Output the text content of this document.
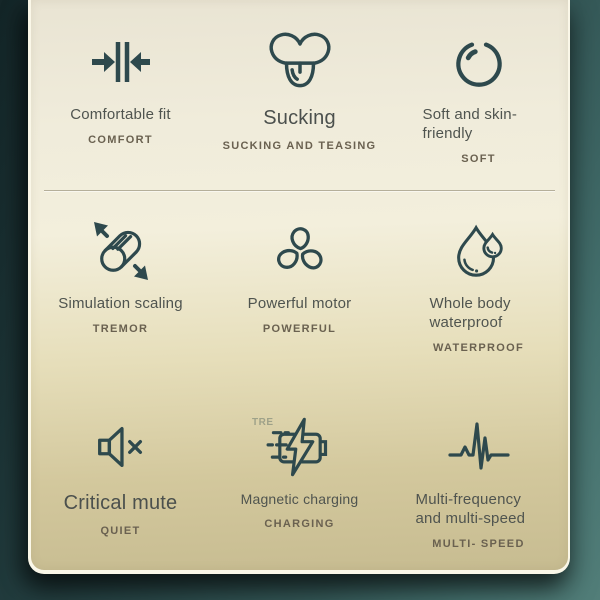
Comfortable fit
COMFORT
Sucking
SUCKING AND TEASING
Soft and skin-friendly
SOFT
Simulation scaling
TREMOR
Powerful motor
POWERFUL
Whole body waterproof
WATERPROOF
Critical mute
QUIET
TRE
Magnetic charging
CHARGING
Multi-frequency and multi-speed
MULTI- SPEED
